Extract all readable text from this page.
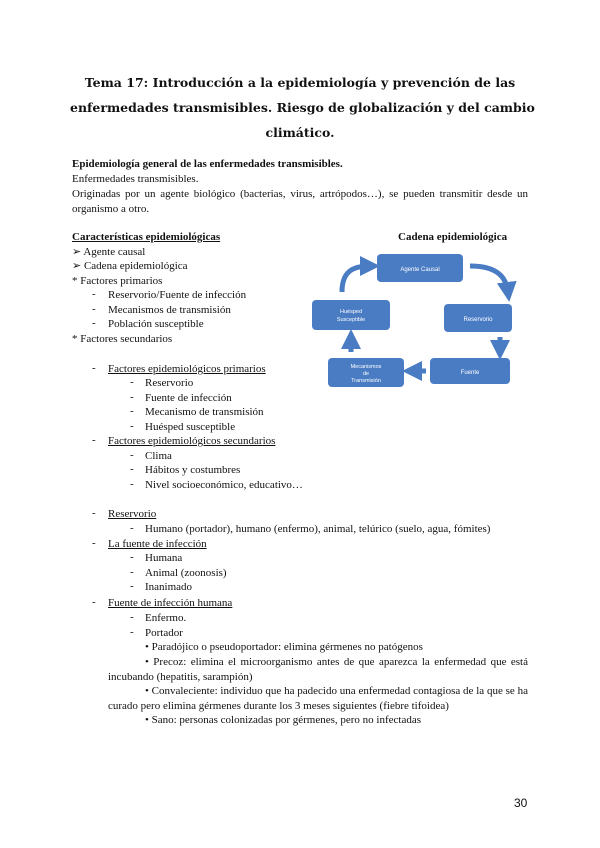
Tema 17: Introducción a la epidemiología y prevención de las
enfermedades transmisibles. Riesgo de globalización y del cambio
climático.
Epidemiología general de las enfermedades transmisibles.
Enfermedades transmisibles.
Originadas por un agente biológico (bacterias, virus, artrópodos…), se pueden transmitir desde un organismo a otro.
Características epidemiológicas
➢ Agente causal
➢ Cadena epidemiológica
* Factores primarios
- Reservorio/Fuente de infección
- Mecanismos de transmisión
- Población susceptible
* Factores secundarios
Cadena epidemiológica
Agente Causal
Reservorio
Fuente
Mecanismos
de
Transmisión
Huésped
Susceptible
- Factores epidemiológicos primarios
- Reservorio
- Fuente de infección
- Mecanismo de transmisión
- Huésped susceptible
- Factores epidemiológicos secundarios
- Clima
- Hábitos y costumbres
- Nivel socioeconómico, educativo…
- Reservorio
- Humano (portador), humano (enfermo), animal, telúrico (suelo, agua, fómites)
- La fuente de infección
- Humana
- Animal (zoonosis)
- Inanimado
- Fuente de infección humana
- Enfermo.
- Portador
• Paradójico o pseudoportador: elimina gérmenes no patógenos
• Precoz: elimina el microorganismo antes de que aparezca la enfermedad que está incubando (hepatitis, sarampión)
• Convaleciente: individuo que ha padecido una enfermedad contagiosa de la que se ha curado pero elimina gérmenes durante los 3 meses siguientes (fiebre tifoidea)
• Sano: personas colonizadas por gérmenes, pero no infectadas
30
